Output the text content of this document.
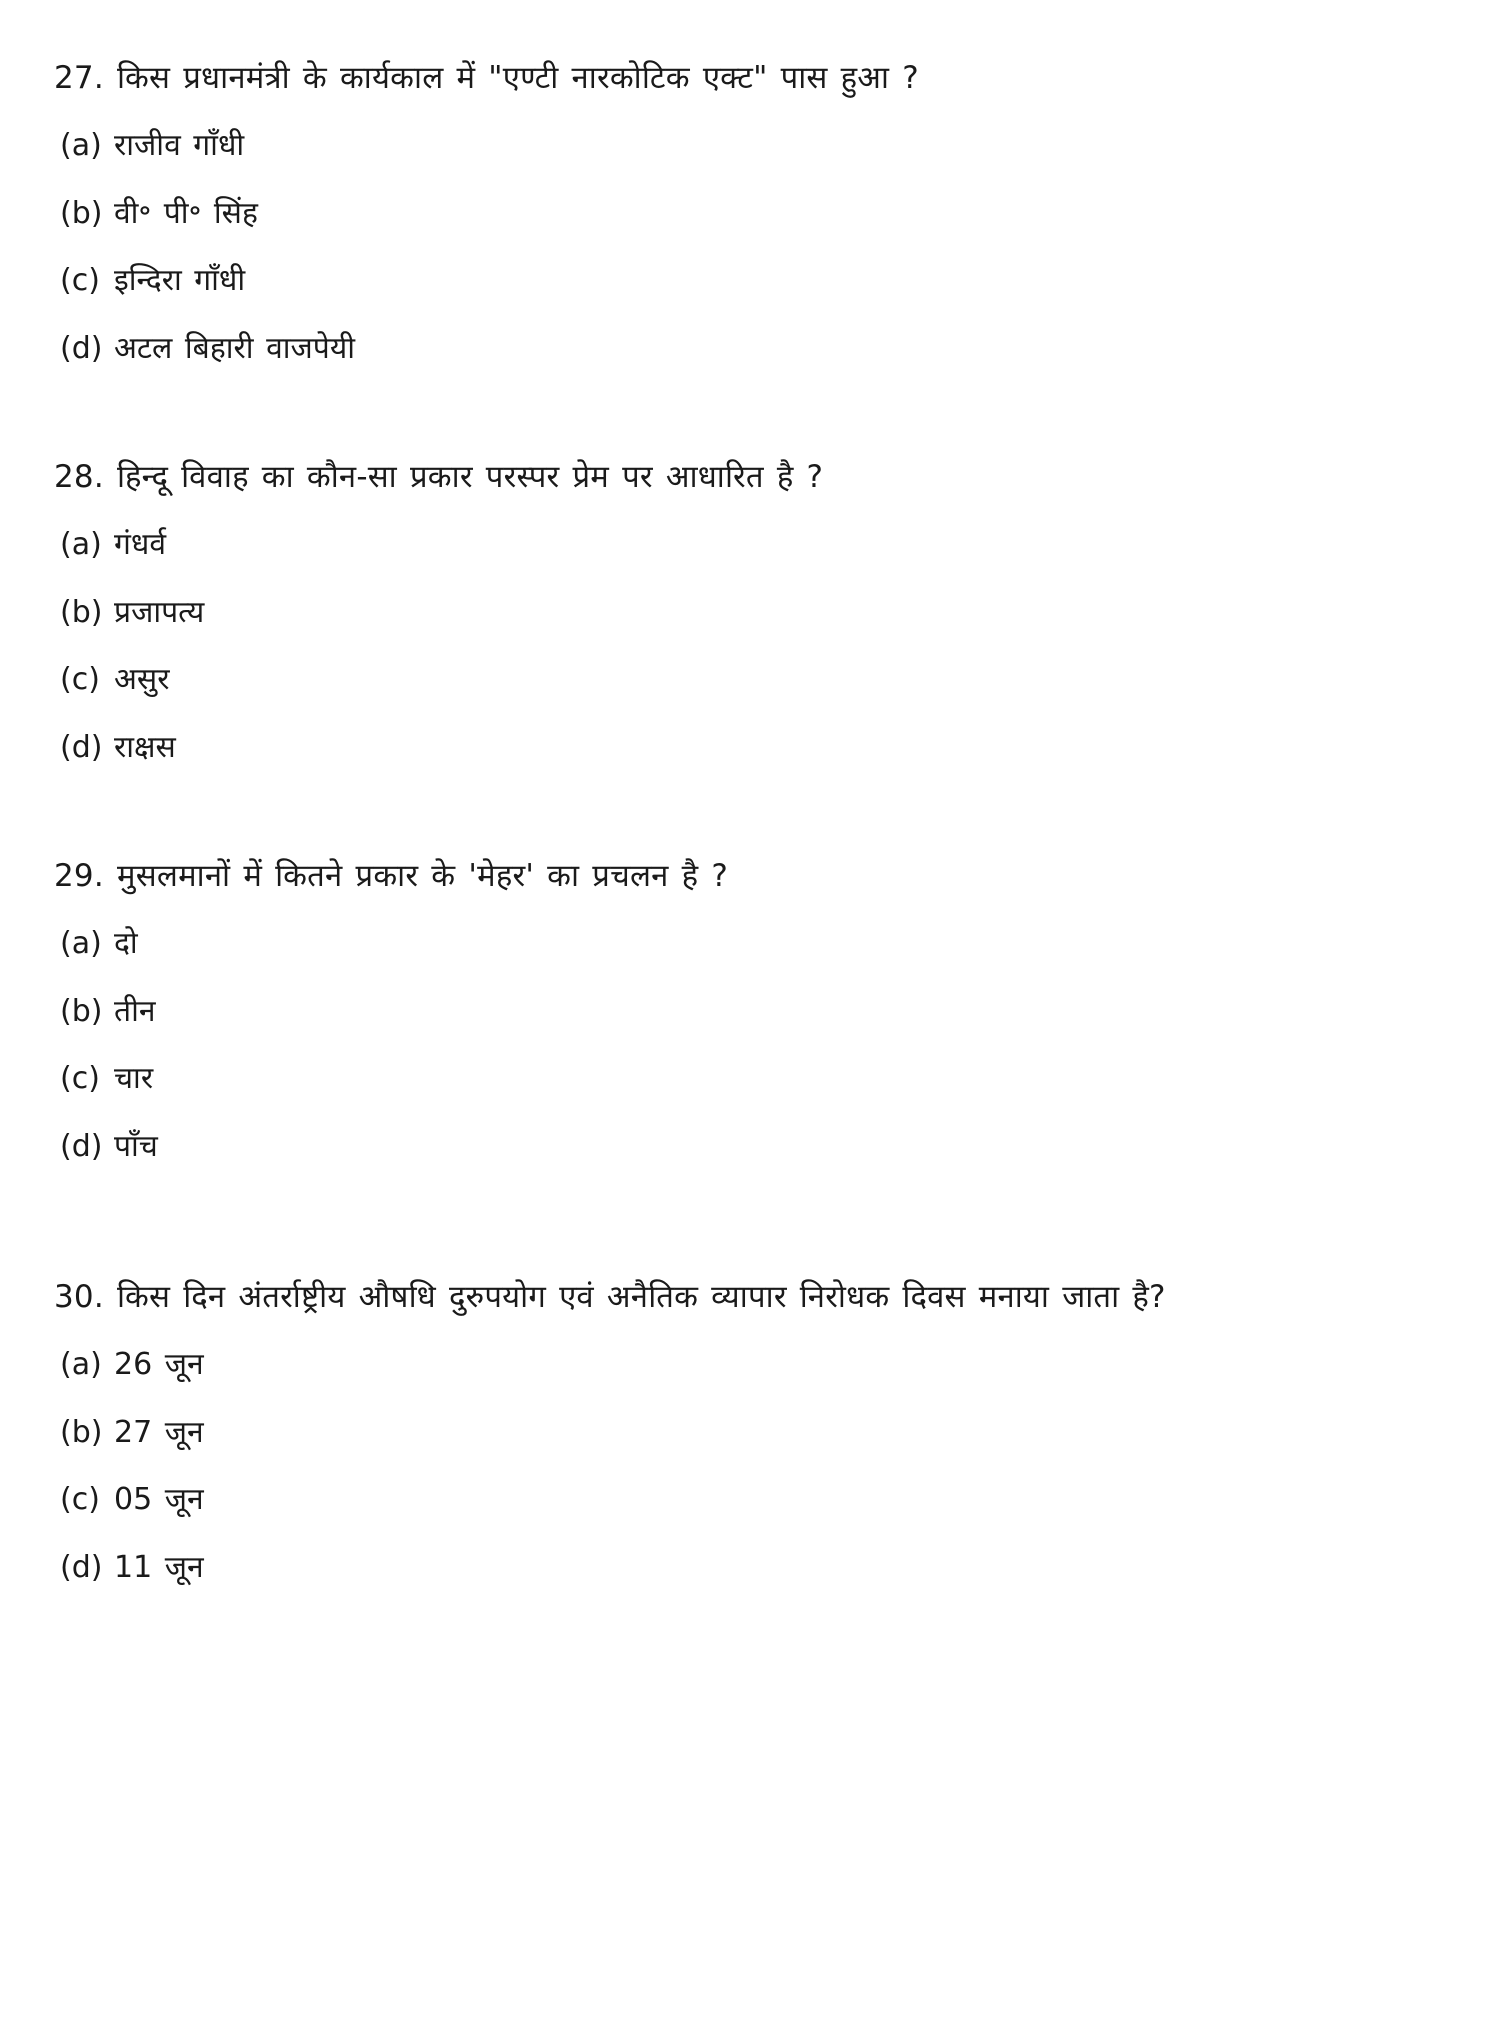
27. किस प्रधानमंत्री के कार्यकाल में "एण्टी नारकोटिक एक्ट" पास हुआ ?

(a) राजीव गाँधी
(b) वी॰ पी॰ सिंह
(c) इन्दिरा गाँधी
(d) अटल बिहारी वाजपेयी

28. हिन्दू विवाह का कौन-सा प्रकार परस्पर प्रेम पर आधारित है ?

(a) गंधर्व
(b) प्रजापत्य
(c) असुर
(d) राक्षस

29. मुसलमानों में कितने प्रकार के 'मेहर' का प्रचलन है ?

(a) दो
(b) तीन
(c) चार
(d) पाँच

30. किस दिन अंतर्राष्ट्रीय औषधि दुरुपयोग एवं अनैतिक व्यापार निरोधक दिवस मनाया जाता है?

(a) 26 जून
(b) 27 जून
(c) 05 जून
(d) 11 जून
